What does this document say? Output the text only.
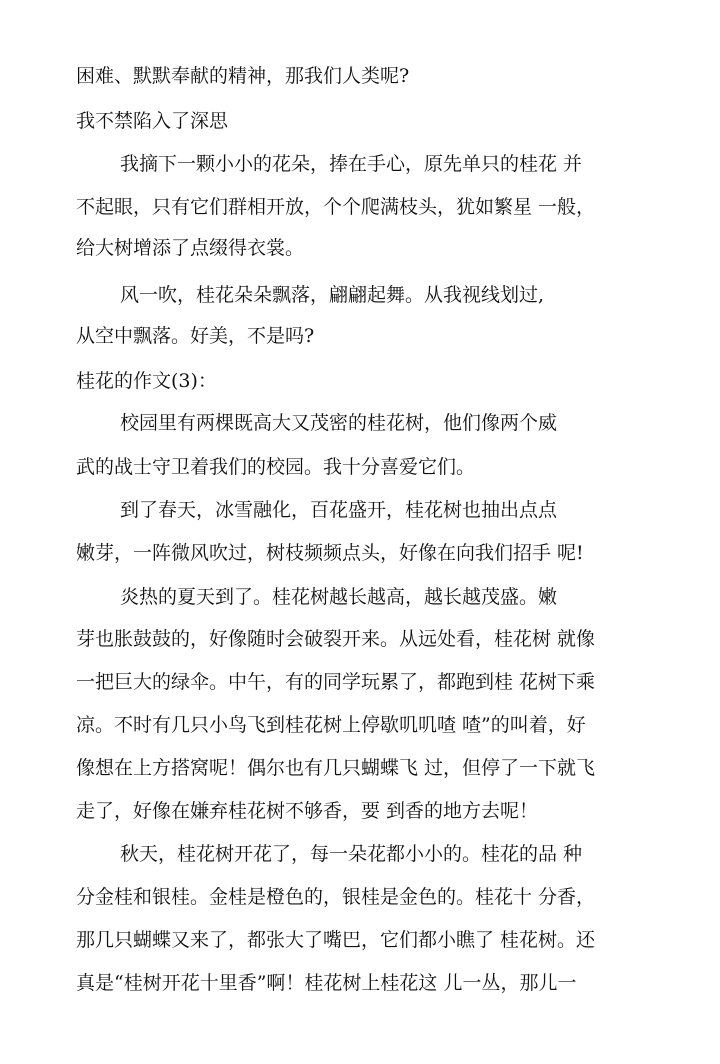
困难、默默奉献的精神，那我们人类呢?
我不禁陷入了深思
我摘下一颗小小的花朵，捧在手心，原先单只的桂花 并
不起眼，只有它们群相开放，个个爬满枝头，犹如繁星 一般，
给大树增添了点缀得衣裳。
风一吹，桂花朵朵飘落，翩翩起舞。从我视线划过,
从空中飘落。好美，不是吗?
桂花的作文(3)：
校园里有两棵既高大又茂密的桂花树，他们像两个威
武的战士守卫着我们的校园。我十分喜爱它们。
到了春天，冰雪融化，百花盛开，桂花树也抽出点点
嫩芽，一阵微风吹过，树枝频频点头，好像在向我们招手 呢!
炎热的夏天到了。桂花树越长越高，越长越茂盛。嫩
芽也胀鼓鼓的，好像随时会破裂开来。从远处看，桂花树 就像
一把巨大的绿伞。中午，有的同学玩累了，都跑到桂 花树下乘
凉。不时有几只小鸟飞到桂花树上停歇叽叽喳 喳”的叫着，好
像想在上方搭窝呢！偶尔也有几只蝴蝶飞 过，但停了一下就飞
走了，好像在嫌弃桂花树不够香，要 到香的地方去呢！
秋天，桂花树开花了，每一朵花都小小的。桂花的品 种
分金桂和银桂。金桂是橙色的，银桂是金色的。桂花十 分香，
那几只蝴蝶又来了，都张大了嘴巴，它们都小瞧了 桂花树。还
真是“桂树开花十里香”啊！桂花树上桂花这 儿一丛，那儿一
